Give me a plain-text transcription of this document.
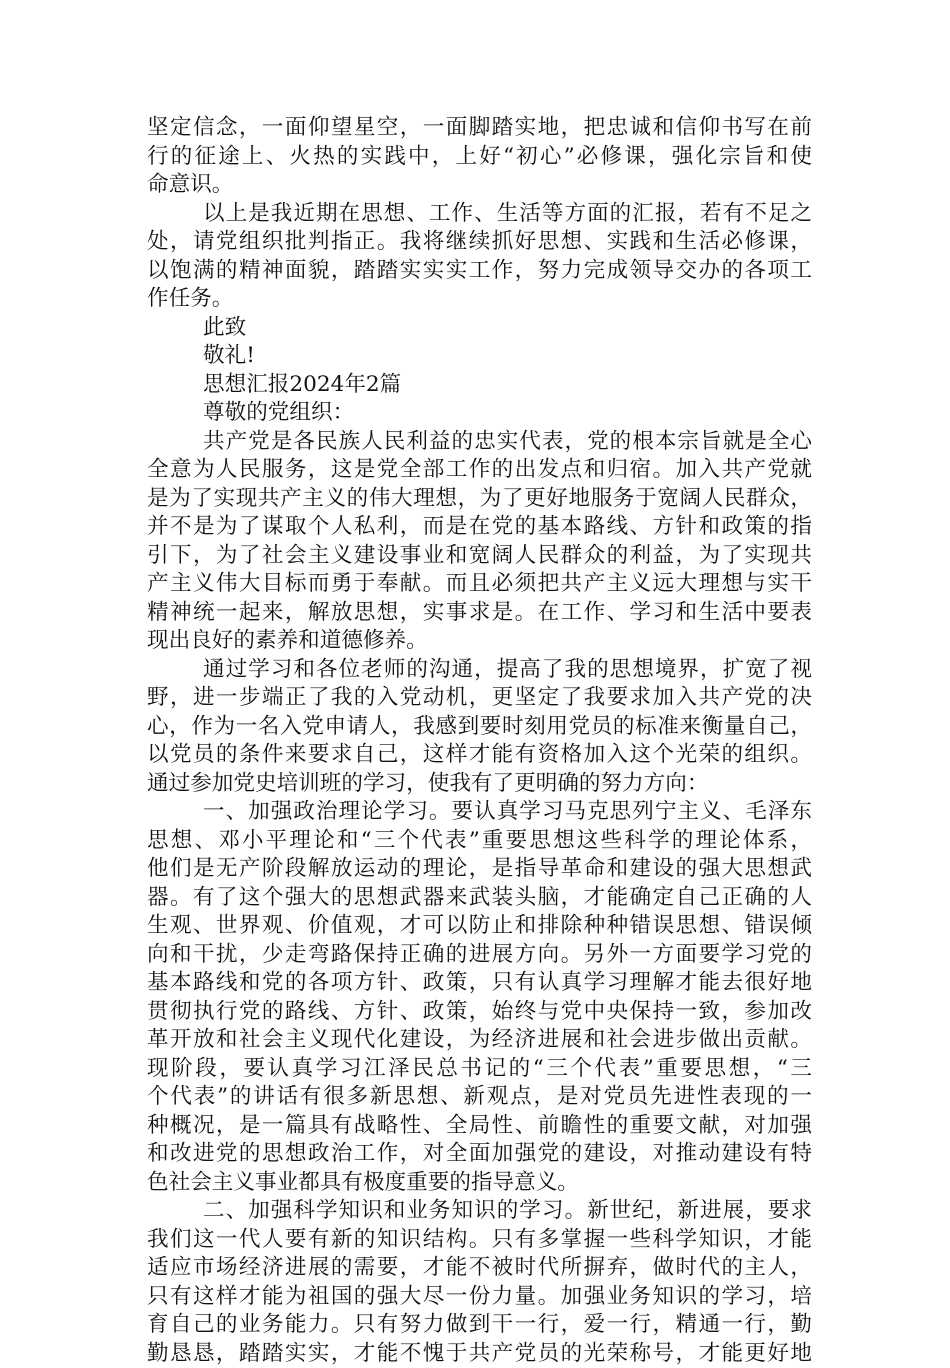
坚定信念，一面仰望星空，一面脚踏实地，把忠诚和信仰书写在前
行的征途上、火热的实践中，上好“初心”必修课，强化宗旨和使
命意识。
以上是我近期在思想、工作、生活等方面的汇报，若有不足之
处，请党组织批判指正。我将继续抓好思想、实践和生活必修课，
以饱满的精神面貌，踏踏实实实工作，努力完成领导交办的各项工
作任务。
此致
敬礼!
思想汇报2024年2篇
尊敬的党组织：
共产党是各民族人民利益的忠实代表，党的根本宗旨就是全心
全意为人民服务，这是党全部工作的出发点和归宿。加入共产党就
是为了实现共产主义的伟大理想，为了更好地服务于宽阔人民群众，
并不是为了谋取个人私利，而是在党的基本路线、方针和政策的指
引下，为了社会主义建设事业和宽阔人民群众的利益，为了实现共
产主义伟大目标而勇于奉献。而且必须把共产主义远大理想与实干
精神统一起来，解放思想，实事求是。在工作、学习和生活中要表
现出良好的素养和道德修养。
通过学习和各位老师的沟通，提高了我的思想境界，扩宽了视
野，进一步端正了我的入党动机，更坚定了我要求加入共产党的决
心，作为一名入党申请人，我感到要时刻用党员的标准来衡量自己，
以党员的条件来要求自己，这样才能有资格加入这个光荣的组织。
通过参加党史培训班的学习，使我有了更明确的努力方向：
一、加强政治理论学习。要认真学习马克思列宁主义、毛泽东
思想、邓小平理论和“三个代表”重要思想这些科学的理论体系，
他们是无产阶段解放运动的理论，是指导革命和建设的强大思想武
器。有了这个强大的思想武器来武装头脑，才能确定自己正确的人
生观、世界观、价值观，才可以防止和排除种种错误思想、错误倾
向和干扰，少走弯路保持正确的进展方向。另外一方面要学习党的
基本路线和党的各项方针、政策，只有认真学习理解才能去很好地
贯彻执行党的路线、方针、政策，始终与党中央保持一致，参加改
革开放和社会主义现代化建设，为经济进展和社会进步做出贡献。
现阶段，要认真学习江泽民总书记的“三个代表”重要思想，“三
个代表”的讲话有很多新思想、新观点，是对党员先进性表现的一
种概况，是一篇具有战略性、全局性、前瞻性的重要文献，对加强
和改进党的思想政治工作，对全面加强党的建设，对推动建设有特
色社会主义事业都具有极度重要的指导意义。
二、加强科学知识和业务知识的学习。新世纪，新进展，要求
我们这一代人要有新的知识结构。只有多掌握一些科学知识，才能
适应市场经济进展的需要，才能不被时代所摒弃，做时代的主人，
只有这样才能为祖国的强大尽一份力量。加强业务知识的学习，培
育自己的业务能力。只有努力做到干一行，爱一行，精通一行，勤
勤恳恳，踏踏实实，才能不愧于共产党员的光荣称号，才能更好地
